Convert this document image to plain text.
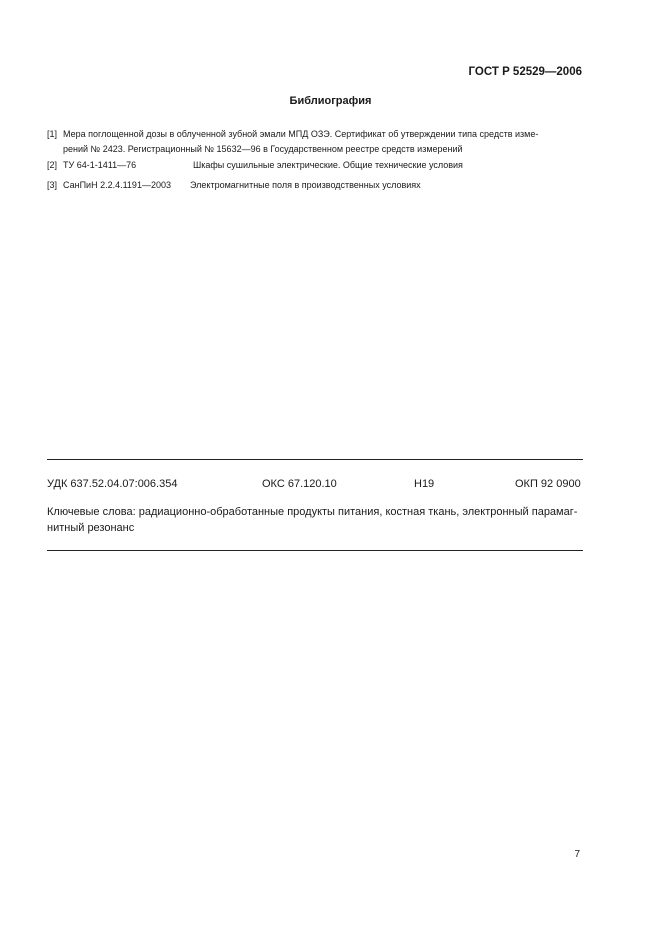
ГОСТ Р 52529—2006
Библиография
[1] Мера поглощенной дозы в облученной зубной эмали МПД ОЗЭ. Сертификат об утверждении типа средств изме-
рений № 2423. Регистрационный № 15632—96 в Государственном реестре средств измерений
[2] ТУ 64-1-1411—76	Шкафы сушильные электрические. Общие технические условия
[3] СанПиН 2.2.4.1191—2003 Электромагнитные поля в производственных условиях
УДК 637.52.04.07:006.354	ОКС 67.120.10	Н19	ОКП 92 0900
Ключевые слова: радиационно-обработанные продукты питания, костная ткань, электронный парамаг-
нитный резонанс
7
